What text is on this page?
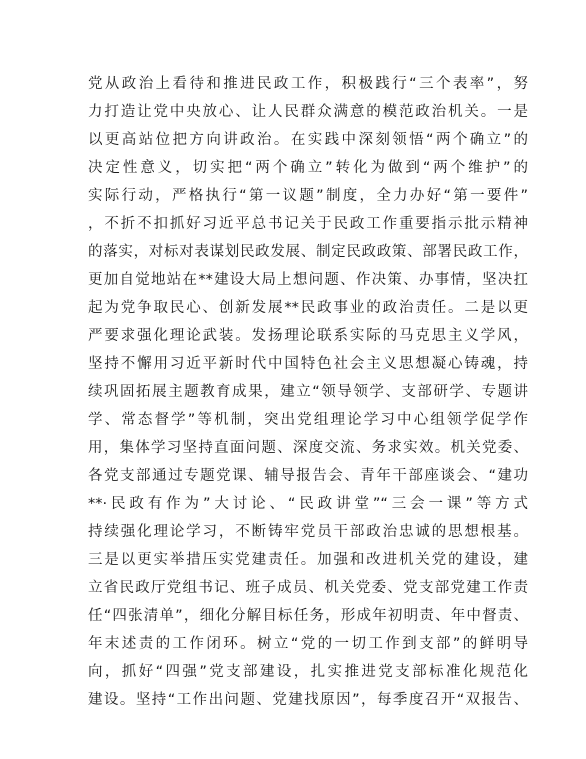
党从政治上看待和推进民政工作，积极践行“三个表率”，努
力打造让党中央放心、让人民群众满意的模范政治机关。一是
以更高站位把方向讲政治。在实践中深刻领悟“两个确立”的
决定性意义，切实把“两个确立”转化为做到“两个维护”的
实际行动，严格执行“第一议题”制度，全力办好“第一要件”
，不折不扣抓好习近平总书记关于民政工作重要指示批示精神
的落实，对标对表谋划民政发展、制定民政政策、部署民政工作，
更加自觉地站在**建设大局上想问题、作决策、办事情，坚决扛
起为党争取民心、创新发展**民政事业的政治责任。二是以更
严要求强化理论武装。发扬理论联系实际的马克思主义学风，
坚持不懈用习近平新时代中国特色社会主义思想凝心铸魂，持
续巩固拓展主题教育成果，建立“领导领学、支部研学、专题讲
学、常态督学”等机制，突出党组理论学习中心组领学促学作
用，集体学习坚持直面问题、深度交流、务求实效。机关党委、
各党支部通过专题党课、辅导报告会、青年干部座谈会、“建功
**·民政有作为”大讨论、“民政讲堂”“三会一课”等方式
持续强化理论学习，不断铸牢党员干部政治忠诚的思想根基。
三是以更实举措压实党建责任。加强和改进机关党的建设，建
立省民政厅党组书记、班子成员、机关党委、党支部党建工作责
任“四张清单”，细化分解目标任务，形成年初明责、年中督责、
年末述责的工作闭环。树立“党的一切工作到支部”的鲜明导
向，抓好“四强”党支部建设，扎实推进党支部标准化规范化
建设。坚持“工作出问题、党建找原因”，每季度召开“双报告、
